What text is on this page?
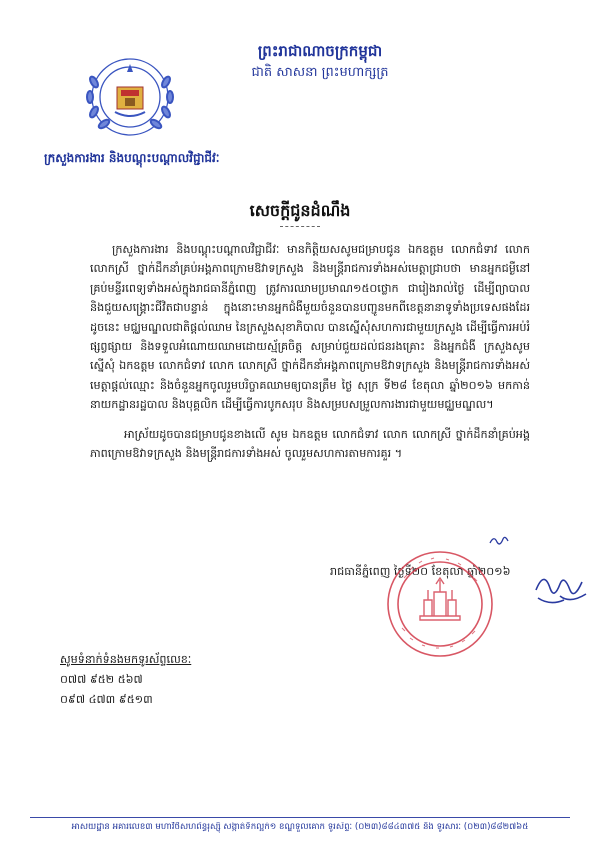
ព្រះរាជាណាចក្រកម្ពុជា
ជាតិ សាសនា ព្រះមហាក្សត្រ
ក្រសួងការងារ និងបណ្តុះបណ្តាលវិជ្ជាជីវៈ
សេចក្តីជូនដំណឹង

ក្រសួងការងារ និងបណ្តុះបណ្តាលវិជ្ជាជីវៈ មានកិត្តិយសសូមជម្រាបជូន ឯកឧត្តម លោកជំទាវ លោក លោកស្រី ថ្នាក់ដឹកនាំគ្រប់អង្គភាពក្រោមឱវាទក្រសួង និងមន្ត្រីរាជការទាំងអស់មេត្តាជ្រាបថា មានអ្នកជម្ងឺនៅគ្រប់មន្ទីរពេទ្យទាំងអស់ក្នុងរាជធានីភ្នំពេញ ត្រូវការឈាមប្រមាណ១៥០ថ្លោក ជារៀងរាល់ថ្ងៃ ដើម្បីព្យាបាល និងជួយសង្គ្រោះជីវិតជាបន្ទាន់ ក្នុងនោះមានអ្នកជំងឺមួយចំនួនបានបញ្ជូនមកពីខេត្តនានាទូទាំងប្រទេសផងដែរ ដូចនេះ មជ្ឈមណ្ឌលជាតិផ្តល់ឈាម នៃក្រសួងសុខាភិបាល បានស្នើសុំសហការជាមួយក្រសួង ដើម្បីធ្វើការអប់រំផ្សព្វផ្សាយ និងទទួលអំណោយឈាមដោយស្ម័គ្រចិត្ត សម្រាប់ជួយដល់ជនរងគ្រោះ និងអ្នកជំងឺ ក្រសួងសូមស្នើសុំ ឯកឧត្តម លោកជំទាវ លោក លោកស្រី ថ្នាក់ដឹកនាំអង្គភាពក្រោមឱវាទក្រសួង និងមន្ត្រីរាជការទាំងអស់ មេត្តាផ្តល់ឈ្មោះ និងចំនួនអ្នកចូលរួមបរិច្ចាគឈាមឲ្យបានត្រឹម ថ្ងៃ សុក្រ ទី២៨ ខែតុលា ឆ្នាំ២០១៦ មកកាន់នាយកដ្ឋានរដ្ឋបាល និងបុគ្គលិក ដើម្បីធ្វើការបូកសរុប និងសម្របសម្រួលការងារជាមួយមជ្ឈមណ្ឌល។

អាស្រ័យដូចបានជម្រាបជូនខាងលើ សូម ឯកឧត្តម លោកជំទាវ លោក លោកស្រី ថ្នាក់ដឹកនាំគ្រប់អង្គភាពក្រោមឱវាទក្រសួង និងមន្ត្រីរាជការទាំងអស់ ចូលរួមសហការតាមការគួរ ។

រាជធានីភ្នំពេញ ថ្ងៃទី២០ ខែតុលា ឆ្នាំ២០១៦
សូមទំនាក់ទំនងមកទូរស័ព្ទលេខៈ
០៧៧ ៩៥២ ៥៦៧
០៩៧ ៤៧៣ ៩៥១៣
អាសយដ្ឋាន អគារលេខ៣ មហាវិថីសហព័ន្ធរុស្ស៊ី សង្កាត់ទឹកល្អក់១ ខណ្ឌទួលគោក ទូរស័ព្ទៈ (០២៣)៨៨៤៣៧៥ និង ទូរសារៈ (០២៣)៨៨២៧៦៥
